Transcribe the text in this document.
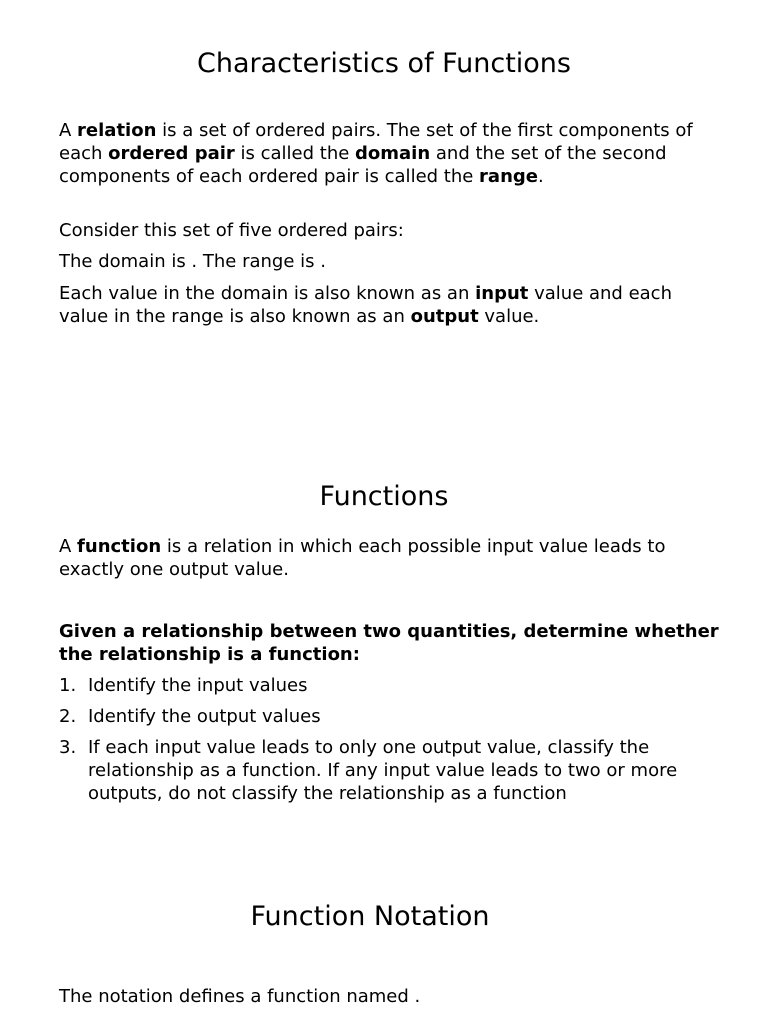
Characteristics of Functions

A relation is a set of ordered pairs. The set of the first components of each ordered pair is called the domain and the set of the second components of each ordered pair is called the range.

Consider this set of five ordered pairs:

The domain is . The range is .

Each value in the domain is also known as an input value and each value in the range is also known as an output value.

Functions

A function is a relation in which each possible input value leads to exactly one output value.

Given a relationship between two quantities, determine whether the relationship is a function:

1. Identify the input values
2. Identify the output values
3. If each input value leads to only one output value, classify the relationship as a function. If any input value leads to two or more outputs, do not classify the relationship as a function
Function Notation

The notation defines a function named .
